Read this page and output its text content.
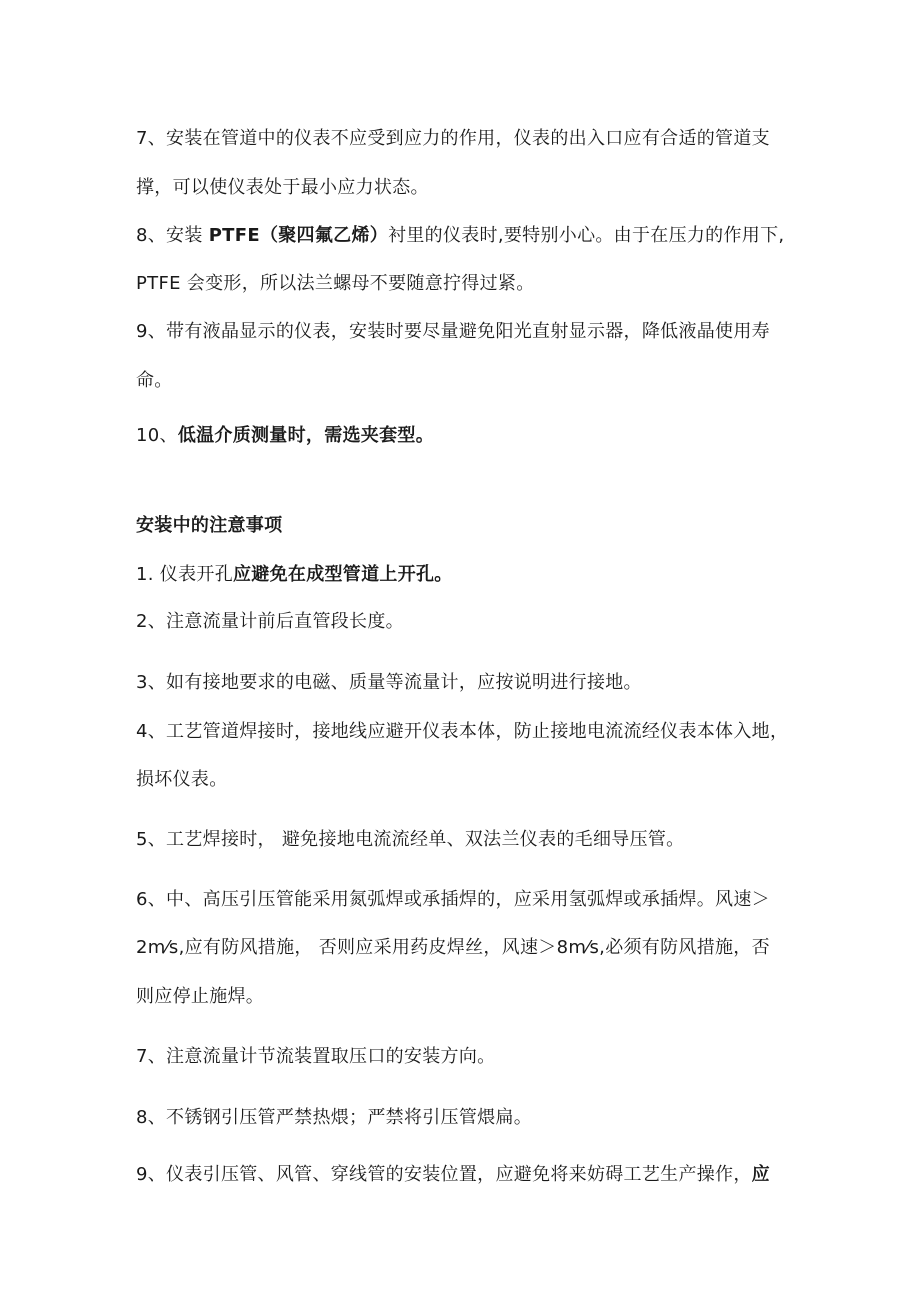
7、安装在管道中的仪表不应受到应力的作用，仪表的出入口应有合适的管道支
撑，可以使仪表处于最小应力状态。
8、安装 PTFE（聚四氟乙烯）衬里的仪表时,要特别小心。由于在压力的作用下,
PTFE 会变形，所以法兰螺母不要随意拧得过紧。
9、带有液晶显示的仪表，安装时要尽量避免阳光直射显示器，降低液晶使用寿
命。
10、低温介质测量时，需选夹套型。
安装中的注意事项
1. 仪表开孔应避免在成型管道上开孔。
2、注意流量计前后直管段长度。
3、如有接地要求的电磁、质量等流量计，应按说明进行接地。
4、工艺管道焊接时，接地线应避开仪表本体，防止接地电流流经仪表本体入地，
损坏仪表。
5、工艺焊接时， 避免接地电流流经单、双法兰仪表的毛细导压管。
6、中、高压引压管能采用氮弧焊或承插焊的，应采用氢弧焊或承插焊。风速＞
2m⁄s,应有防风措施， 否则应采用药皮焊丝，风速＞8m⁄s,必须有防风措施，否
则应停止施焊。
7、注意流量计节流装置取压口的安装方向。
8、不锈钢引压管严禁热煨；严禁将引压管煨扁。
9、仪表引压管、风管、穿线管的安装位置，应避免将来妨碍工艺生产操作，应
